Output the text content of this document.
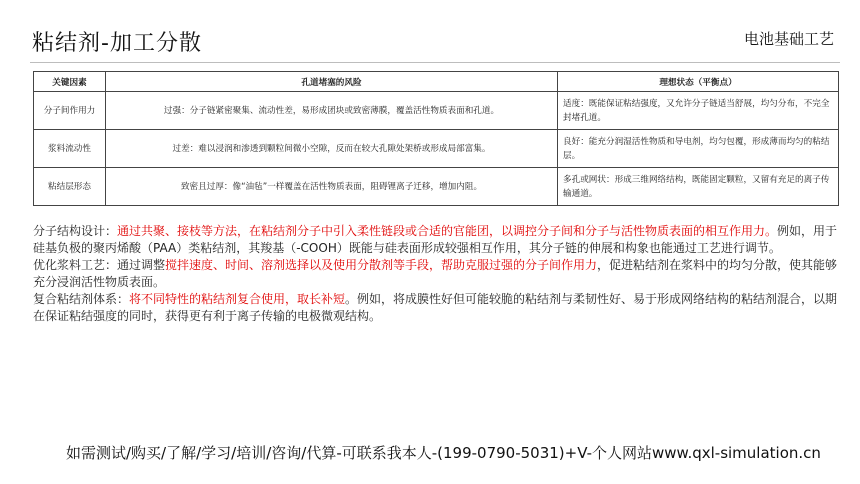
粘结剂-加工分散	电池基础工艺
关键因素	孔道堵塞的风险	理想状态（平衡点）
分子间作用力	过强：分子链紧密聚集、流动性差，易形成团块或致密薄膜，覆盖活性物质表面和孔道。	适度：既能保证粘结强度，又允许分子链适当舒展，均匀分布，不完全封堵孔道。
浆料流动性	过差：难以浸润和渗透到颗粒间微小空隙，反而在较大孔隙处架桥或形成局部富集。	良好：能充分润湿活性物质和导电剂，均匀包覆，形成薄而均匀的粘结层。
粘结层形态	致密且过厚：像“油毡”一样覆盖在活性物质表面，阻碍锂离子迁移，增加内阻。	多孔或网状：形成三维网络结构，既能固定颗粒，又留有充足的离子传输通道。

分子结构设计：通过共聚、接枝等方法，在粘结剂分子中引入柔性链段或合适的官能团，以调控分子间和分子与活性物质表面的相互作用力。例如，用于硅基负极的聚丙烯酸（PAA）类粘结剂，其羧基（-COOH）既能与硅表面形成较强相互作用，其分子链的伸展和构象也能通过工艺进行调节。

优化浆料工艺：通过调整搅拌速度、时间、溶剂选择以及使用分散剂等手段，帮助克服过强的分子间作用力，促进粘结剂在浆料中的均匀分散，使其能够充分浸润活性物质表面。

复合粘结剂体系：将不同特性的粘结剂复合使用，取长补短。例如，将成膜性好但可能较脆的粘结剂与柔韧性好、易于形成网络结构的粘结剂混合，以期在保证粘结强度的同时，获得更有利于离子传输的电极微观结构。

如需测试/购买/了解/学习/培训/咨询/代算-可联系我本人-(199-0790-5031)+V-个人网站www.qxl-simulation.cn
